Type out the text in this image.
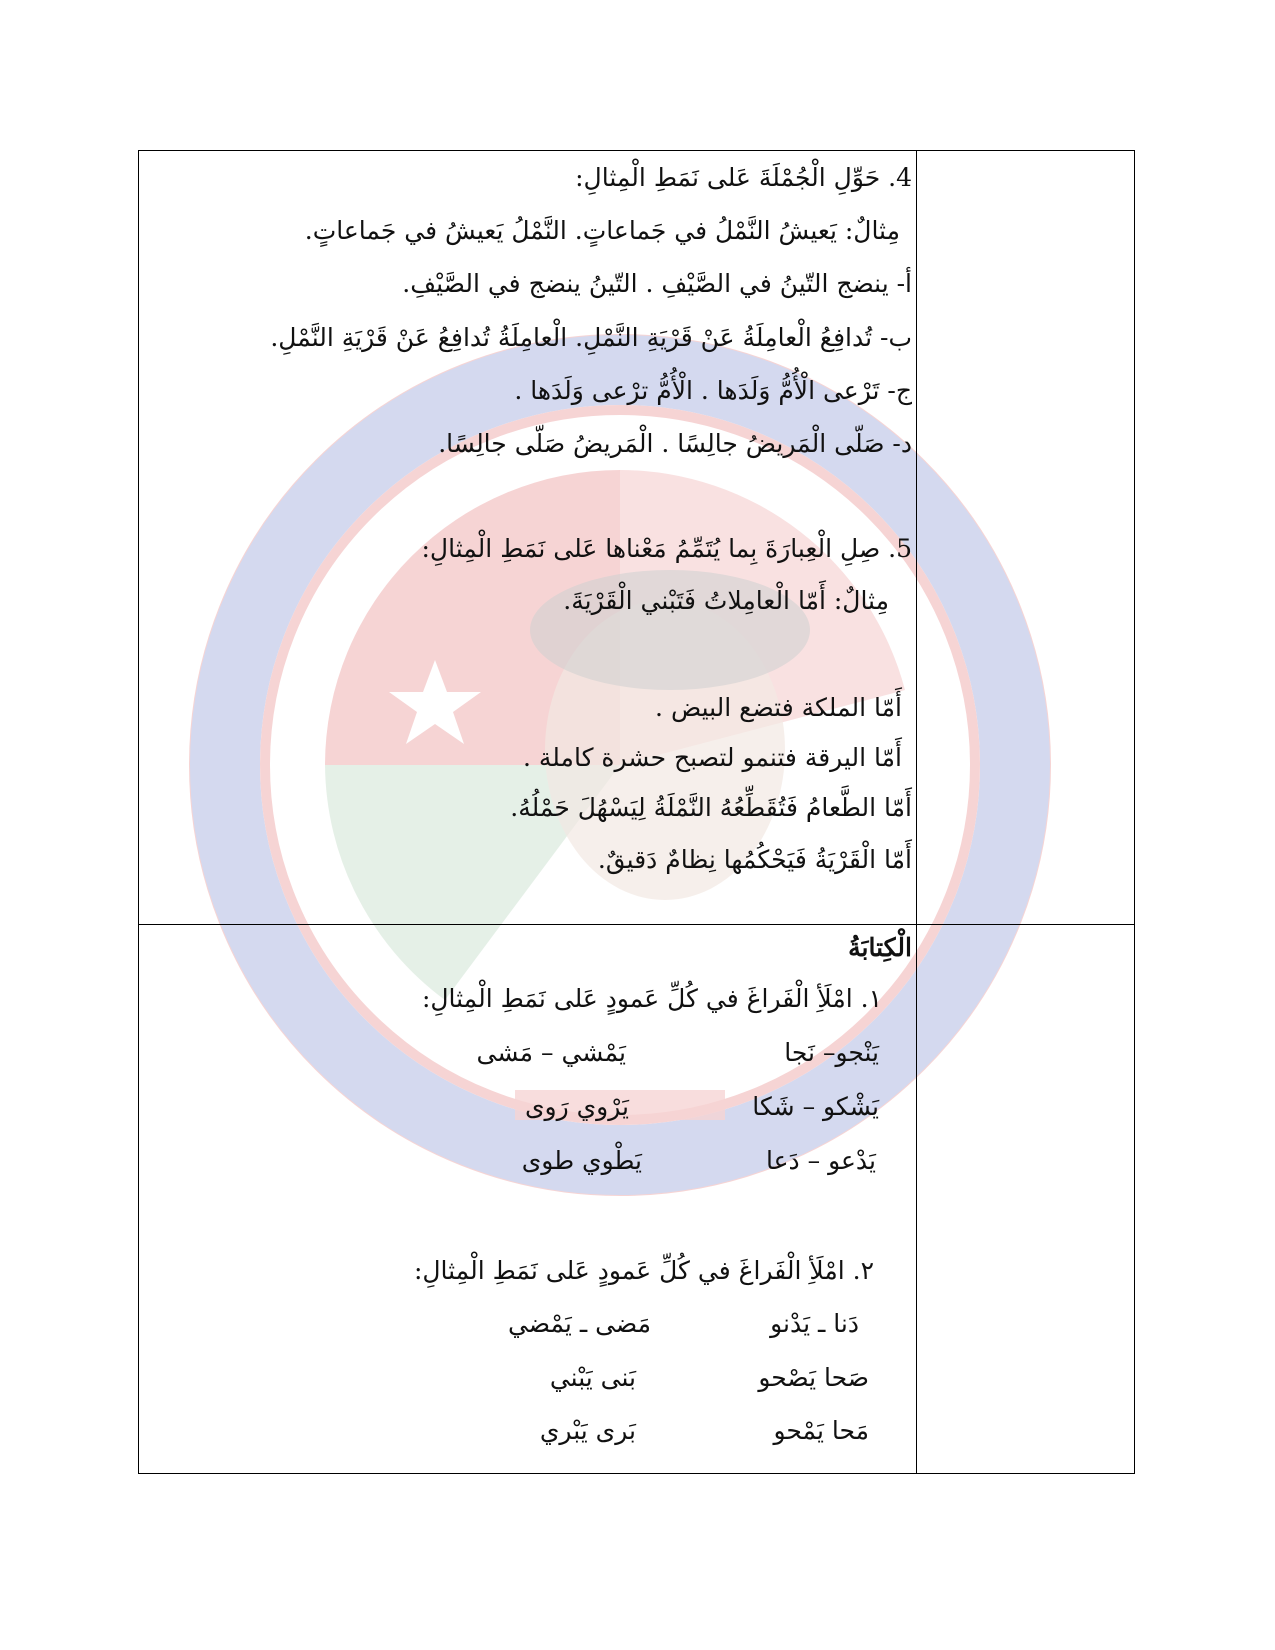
4. حَوِّلِ الْجُمْلَةَ عَلى نَمَطِ الْمِثالِ:
مِثالٌ: يَعيشُ النَّمْلُ في جَماعاتٍ. النَّمْلُ يَعيشُ في جَماعاتٍ.
أ- ينضج التّينُ في الصَّيْفِ . التّينُ ينضج في الصَّيْفِ.
ب- تُدافِعُ الْعامِلَةُ عَنْ قَرْيَةِ النَّمْلِ. الْعامِلَةُ تُدافِعُ عَنْ قَرْيَةِ النَّمْلِ.
ج- تَرْعى الْأُمُّ وَلَدَها . الْأُمُّ ترْعى وَلَدَها .
د- صَلّى الْمَريضُ جالِسًا . الْمَريضُ صَلّى جالِسًا.
5. صِلِ الْعِبارَةَ بِما يُتَمِّمُ مَعْناها عَلى نَمَطِ الْمِثالِ:
مِثالٌ: أَمّا الْعامِلاتُ فَتَبْني الْقَرْيَةَ.
أَمّا الملكة فتضع البيض .
أَمّا اليرقة فتنمو لتصبح حشرة كاملة .
أَمّا الطَّعامُ فَتُقَطِّعُهُ النَّمْلَةُ لِيَسْهُلَ حَمْلُهُ.
أَمّا الْقَرْيَةُ فَيَحْكُمُها نِظامٌ دَقيقٌ.
الْكِتابَةُ
١. امْلَأِ الْفَراغَ في كُلِّ عَمودٍ عَلى نَمَطِ الْمِثالِ:
يَنْجو– نَجا
يَمْشي – مَشى
يَشْكو – شَكا
يَرْوي رَوى
يَدْعو – دَعا
يَطْوي طوى
٢. امْلَأِ الْفَراغَ في كُلِّ عَمودٍ عَلى نَمَطِ الْمِثالِ:
دَنا ـ يَدْنو
مَضى ـ يَمْضي
صَحا يَصْحو
بَنى يَبْني
مَحا يَمْحو
بَرى يَبْري
